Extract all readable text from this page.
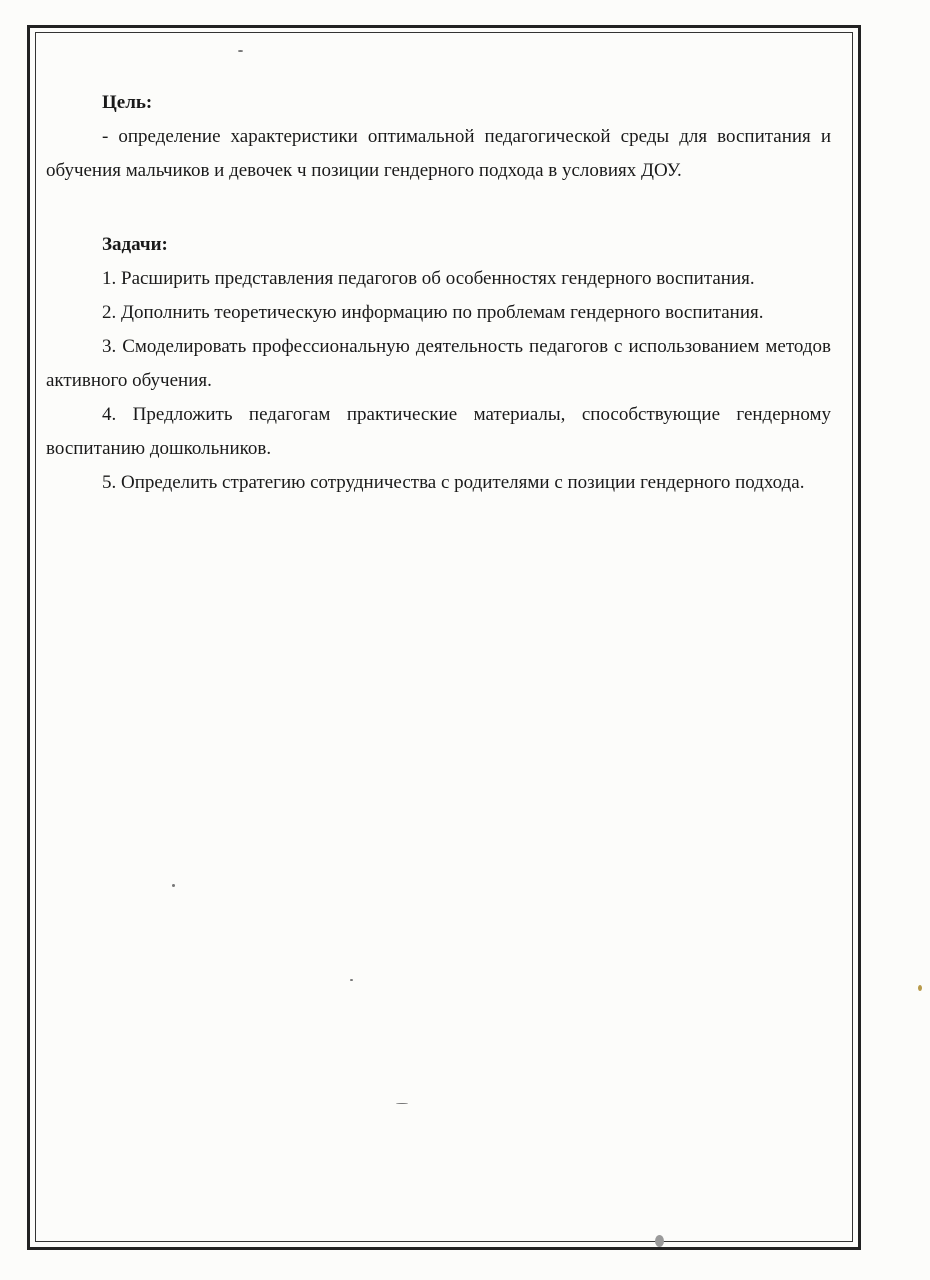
Цель:

- определение характеристики оптимальной педагогической среды для воспитания и обучения мальчиков и девочек ч позиции гендерного подхода в условиях ДОУ.

Задачи:

1. Расширить представления педагогов об особенностях гендерного воспитания.

2. Дополнить теоретическую информацию по проблемам гендерного воспитания.

3. Смоделировать профессиональную деятельность педагогов с использованием методов активного обучения.

4. Предложить педагогам практические материалы, способствующие гендерному воспитанию дошкольников.

5. Определить стратегию сотрудничества с родителями с позиции гендерного подхода.
